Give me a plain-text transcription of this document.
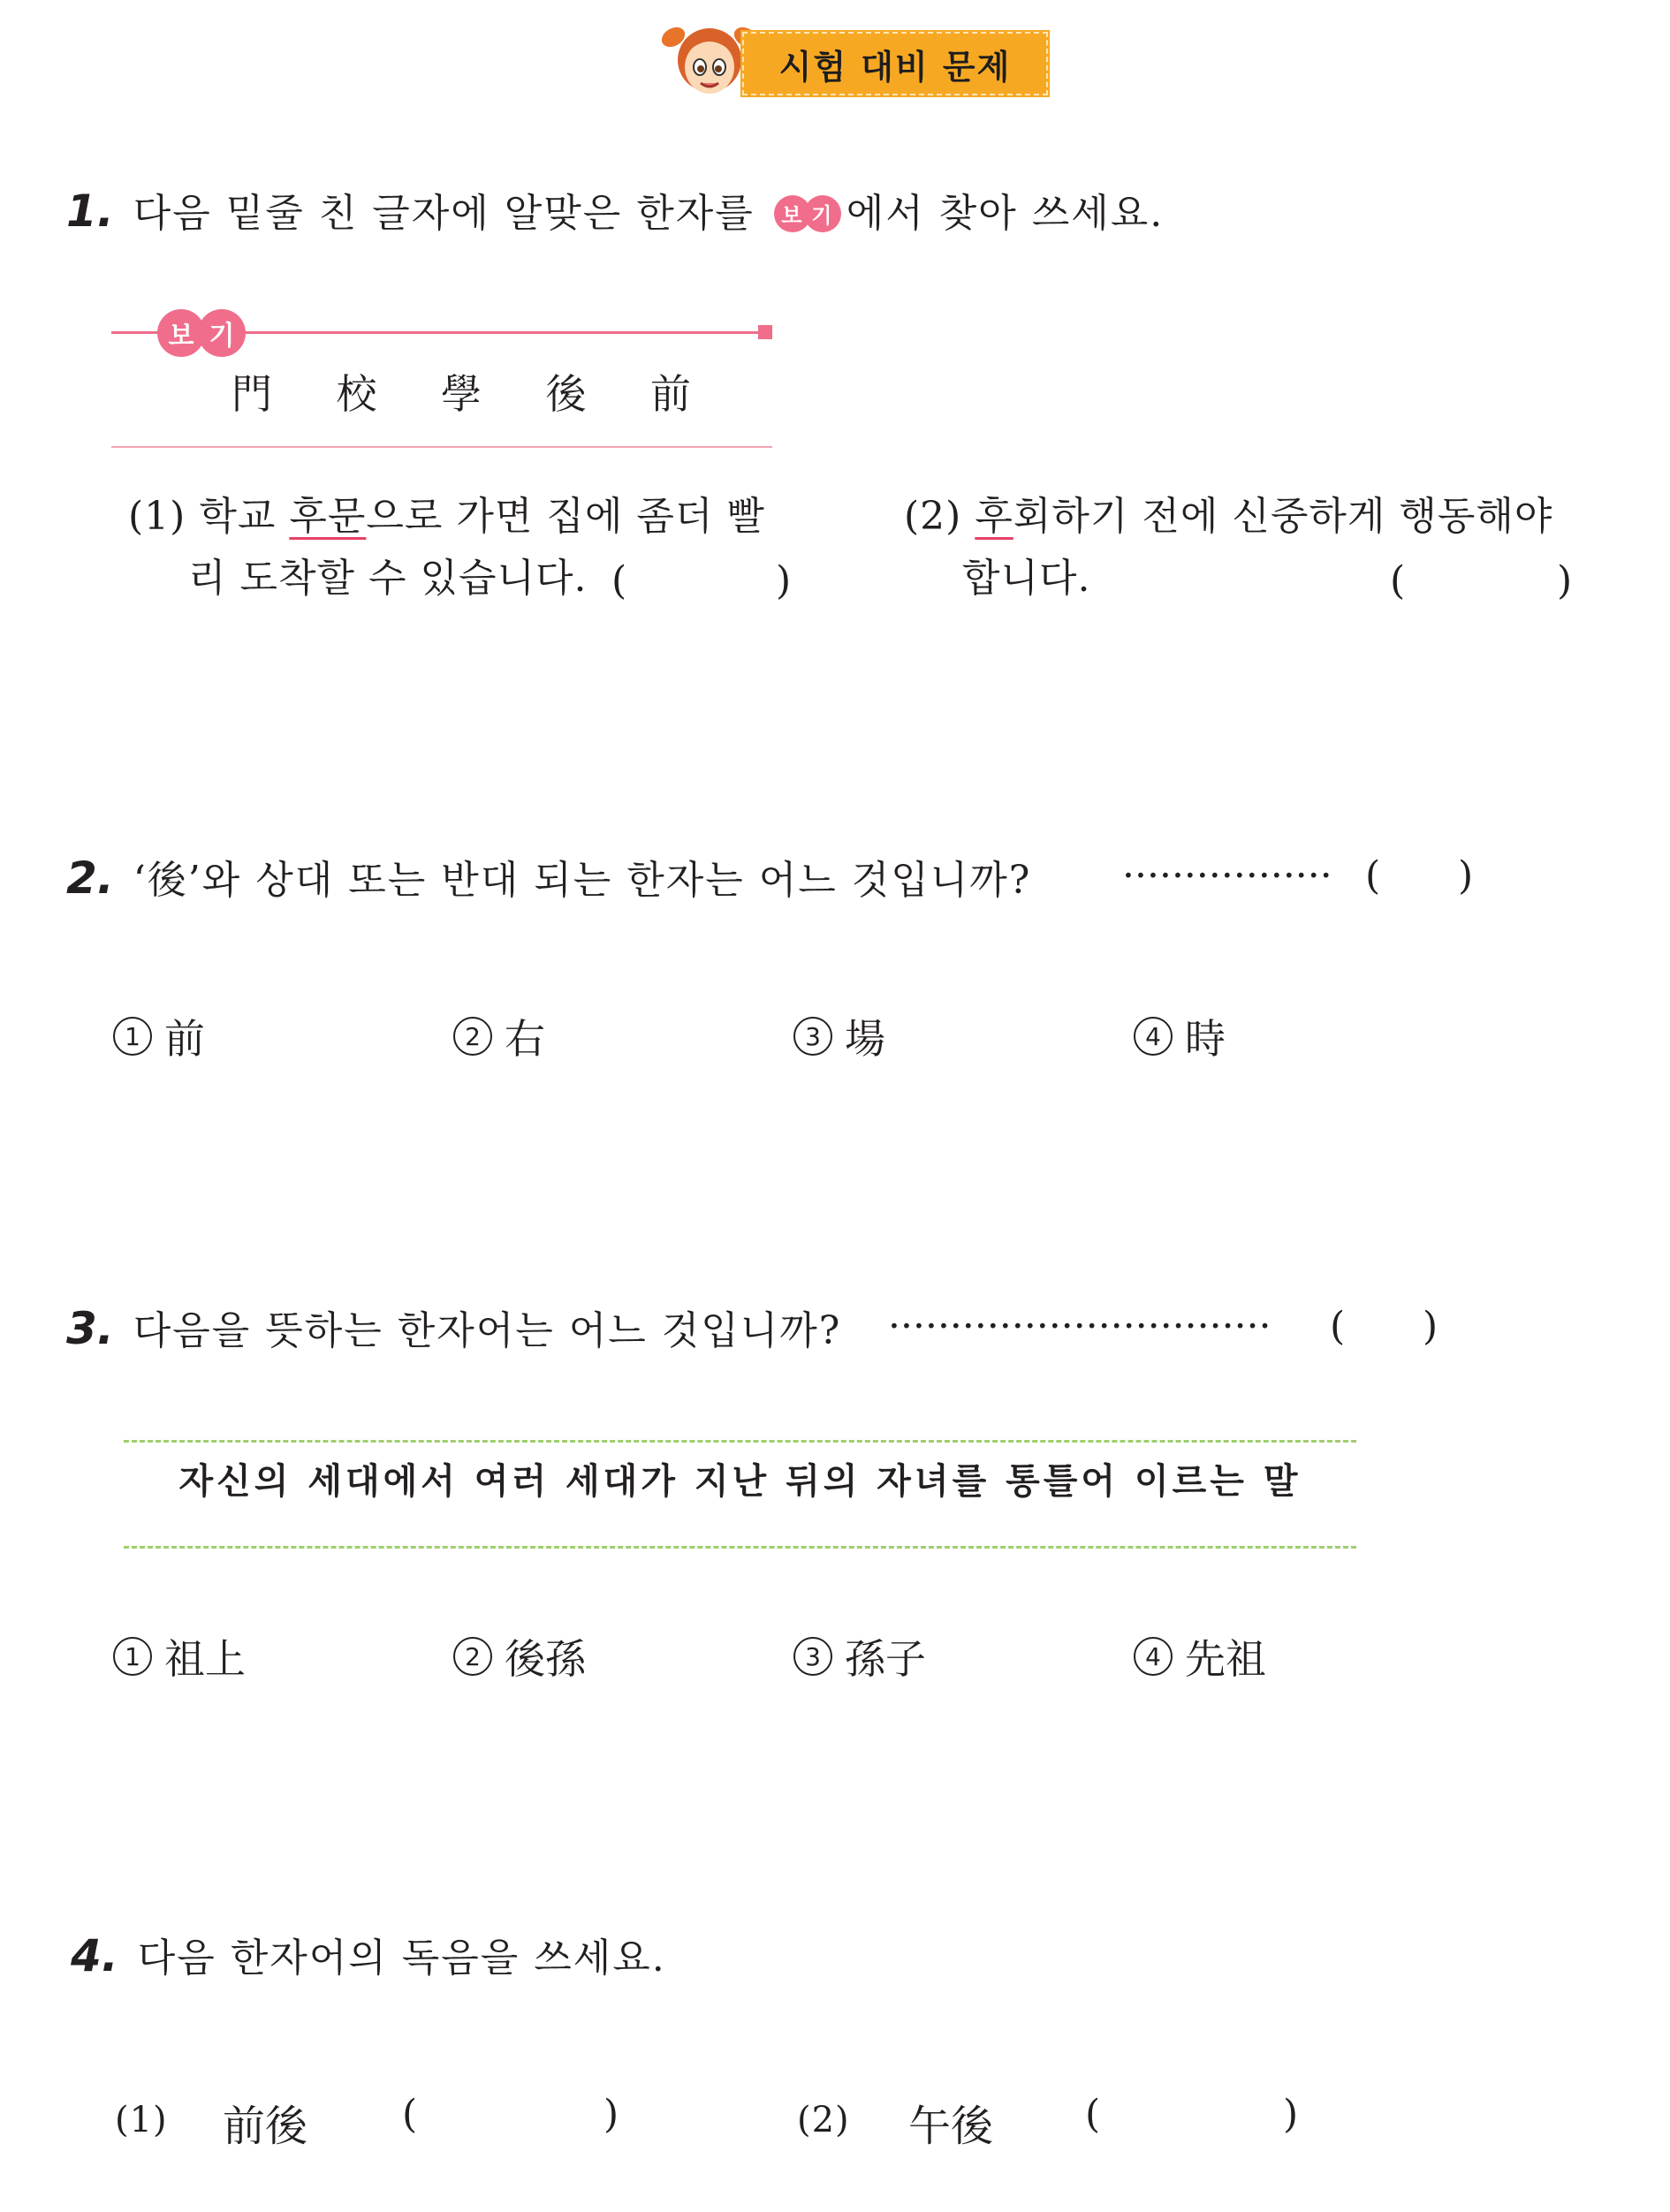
시험 대비 문제
1. 다음 밑줄 친 글자에 알맞은 한자를	보 기 에서 찾아 쓰세요.
보 기
門 校 學 後 前
(1) 학교 후문으로 가면 집에 좀더 빨
리 도착할 수 있습니다. (	)
(2) 후회하기 전에 신중하게 행동해야
합니다.	(	)
2. ‘後’와 상대 또는 반대 되는 한자는 어느 것입니까? ················· ( )
1 前	2 右	3 場	4 時
3. 다음을 뜻하는 한자어는 어느 것입니까? ······························· ( )
자신의 세대에서 여러 세대가 지난 뒤의 자녀를 통틀어 이르는 말
1 祖上	2 後孫	3 孫子	4 先祖
4. 다음 한자어의 독음을 쓰세요.
(1) 前後 (	)	(2) 午後 (	)
